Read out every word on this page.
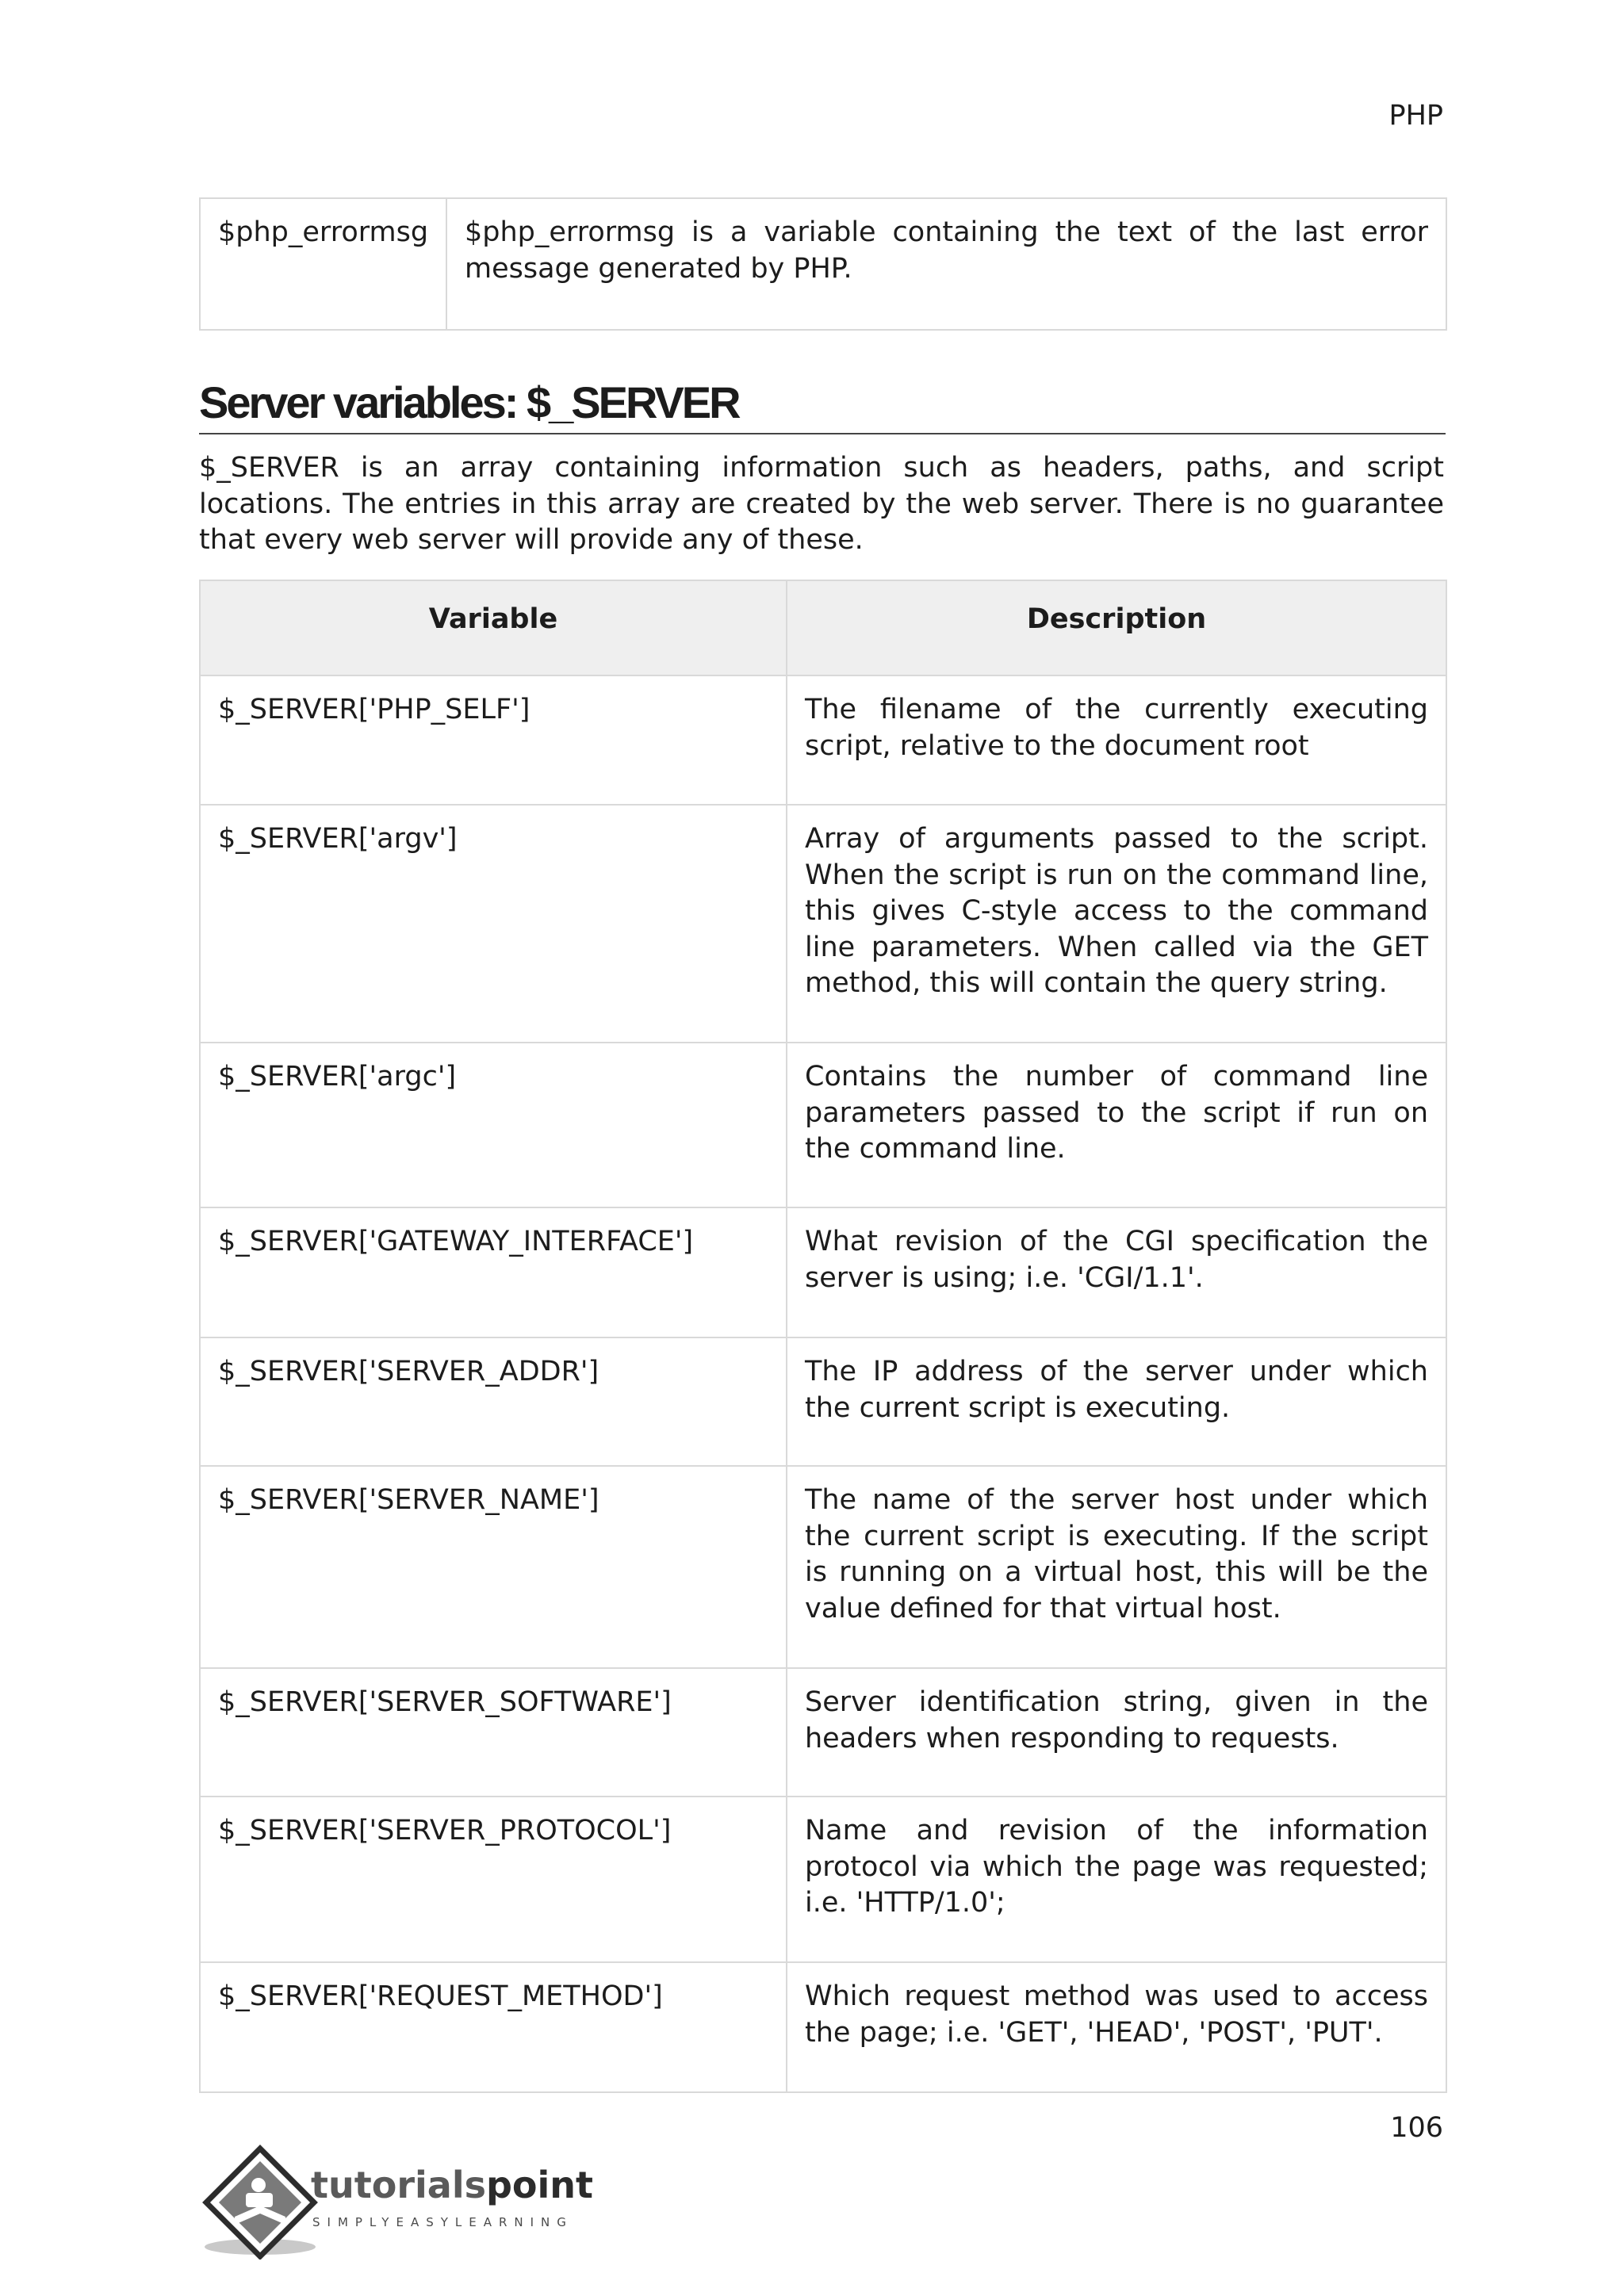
PHP
$php_errormsg	$php_errormsg is a variable containing the text of the last error message generated by PHP.
Server variables: $_SERVER

$_SERVER is an array containing information such as headers, paths, and script locations. The entries in this array are created by the web server. There is no guarantee that every web server will provide any of these.

Variable	Description
$_SERVER['PHP_SELF']	The filename of the currently executing script, relative to the document root
$_SERVER['argv']	Array of arguments passed to the script. When the script is run on the command line, this gives C-style access to the command line parameters. When called via the GET method, this will contain the query string.
$_SERVER['argc']	Contains the number of command line parameters passed to the script if run on the command line.
$_SERVER['GATEWAY_INTERFACE']	What revision of the CGI specification the server is using; i.e. 'CGI/1.1'.
$_SERVER['SERVER_ADDR']	The IP address of the server under which the current script is executing.
$_SERVER['SERVER_NAME']	The name of the server host under which the current script is executing. If the script is running on a virtual host, this will be the value defined for that virtual host.
$_SERVER['SERVER_SOFTWARE']	Server identification string, given in the headers when responding to requests.
$_SERVER['SERVER_PROTOCOL']	Name and revision of the information protocol via which the page was requested; i.e. 'HTTP/1.0';
$_SERVER['REQUEST_METHOD']	Which request method was used to access the page; i.e. 'GET', 'HEAD', 'POST', 'PUT'.
106
tutorialspoint
SIMPLYEASYLEARNING
